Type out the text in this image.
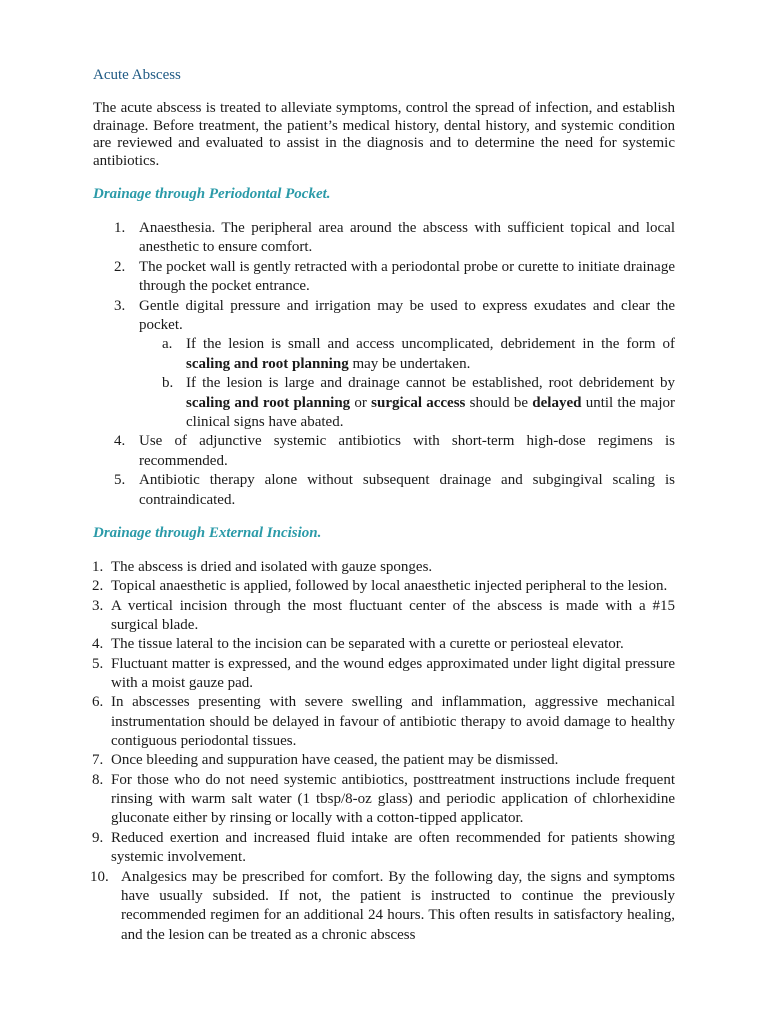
Acute Abscess

The acute abscess is treated to alleviate symptoms, control the spread of infection, and establish drainage. Before treatment, the patient’s medical history, dental history, and systemic condition are reviewed and evaluated to assist in the diagnosis and to determine the need for systemic antibiotics.

Drainage through Periodontal Pocket.
1. Anaesthesia. The peripheral area around the abscess with sufficient topical and local anesthetic to ensure comfort.
2. The pocket wall is gently retracted with a periodontal probe or curette to initiate drainage through the pocket entrance.
3. Gentle digital pressure and irrigation may be used to express exudates and clear the pocket.
a. If the lesion is small and access uncomplicated, debridement in the form of scaling and root planning may be undertaken.
b. If the lesion is large and drainage cannot be established, root debridement by scaling and root planning or surgical access should be delayed until the major clinical signs have abated.
4. Use of adjunctive systemic antibiotics with short-term high-dose regimens is recommended.
5. Antibiotic therapy alone without subsequent drainage and subgingival scaling is contraindicated.
Drainage through External Incision.
1. The abscess is dried and isolated with gauze sponges.
2. Topical anaesthetic is applied, followed by local anaesthetic injected peripheral to the lesion.
3. A vertical incision through the most fluctuant center of the abscess is made with a #15 surgical blade.
4. The tissue lateral to the incision can be separated with a curette or periosteal elevator.
5. Fluctuant matter is expressed, and the wound edges approximated under light digital pressure with a moist gauze pad.
6. In abscesses presenting with severe swelling and inflammation, aggressive mechanical instrumentation should be delayed in favour of antibiotic therapy to avoid damage to healthy contiguous periodontal tissues.
7. Once bleeding and suppuration have ceased, the patient may be dismissed.
8. For those who do not need systemic antibiotics, posttreatment instructions include frequent rinsing with warm salt water (1 tbsp/8-oz glass) and periodic application of chlorhexidine gluconate either by rinsing or locally with a cotton-tipped applicator.
9. Reduced exertion and increased fluid intake are often recommended for patients showing systemic involvement.
10. Analgesics may be prescribed for comfort. By the following day, the signs and symptoms have usually subsided. If not, the patient is instructed to continue the previously recommended regimen for an additional 24 hours. This often results in satisfactory healing, and the lesion can be treated as a chronic abscess
